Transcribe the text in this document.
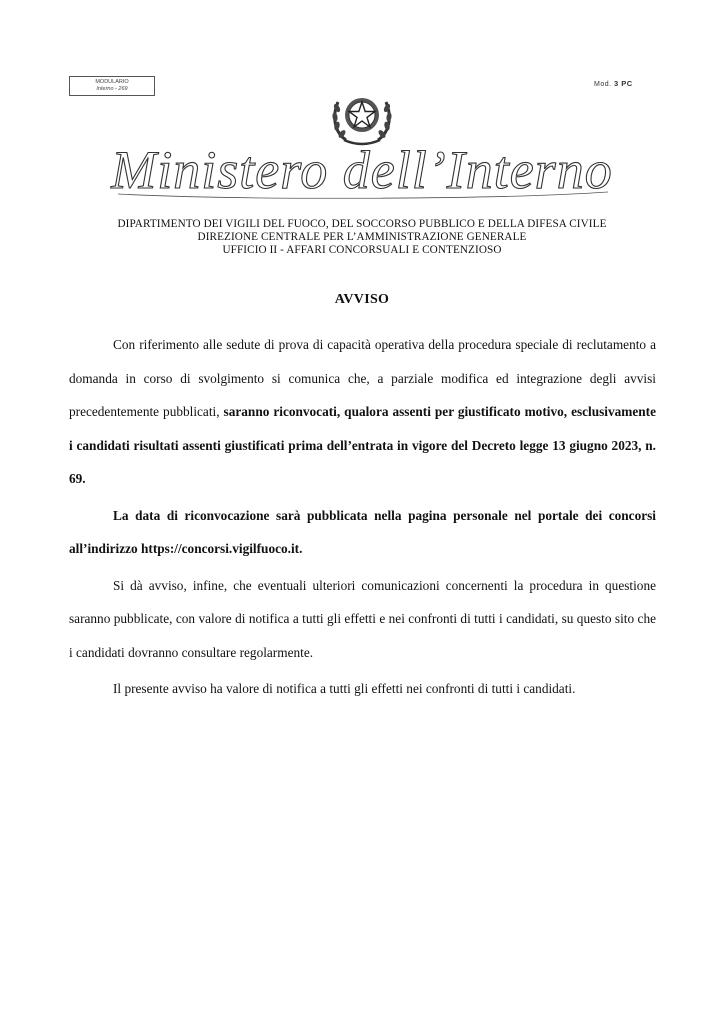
MODULARIO
Interno - 269
Mod. 3 PC
Ministero dell’Interno
DIPARTIMENTO DEI VIGILI DEL FUOCO, DEL SOCCORSO PUBBLICO E DELLA DIFESA CIVILE
DIREZIONE CENTRALE PER L’AMMINISTRAZIONE GENERALE
UFFICIO II - AFFARI CONCORSUALI E CONTENZIOSO
AVVISO

Con riferimento alle sedute di prova di capacità operativa della procedura speciale di reclutamento a domanda in corso di svolgimento si comunica che, a parziale modifica ed integrazione degli avvisi precedentemente pubblicati, saranno riconvocati, qualora assenti per giustificato motivo, esclusivamente i candidati risultati assenti giustificati prima dell’entrata in vigore del Decreto legge 13 giugno 2023, n. 69.

La data di riconvocazione sarà pubblicata nella pagina personale nel portale dei concorsi all’indirizzo https://concorsi.vigilfuoco.it.

Si dà avviso, infine, che eventuali ulteriori comunicazioni concernenti la procedura in questione saranno pubblicate, con valore di notifica a tutti gli effetti e nei confronti di tutti i candidati, su questo sito che i candidati dovranno consultare regolarmente.

Il presente avviso ha valore di notifica a tutti gli effetti nei confronti di tutti i candidati.
